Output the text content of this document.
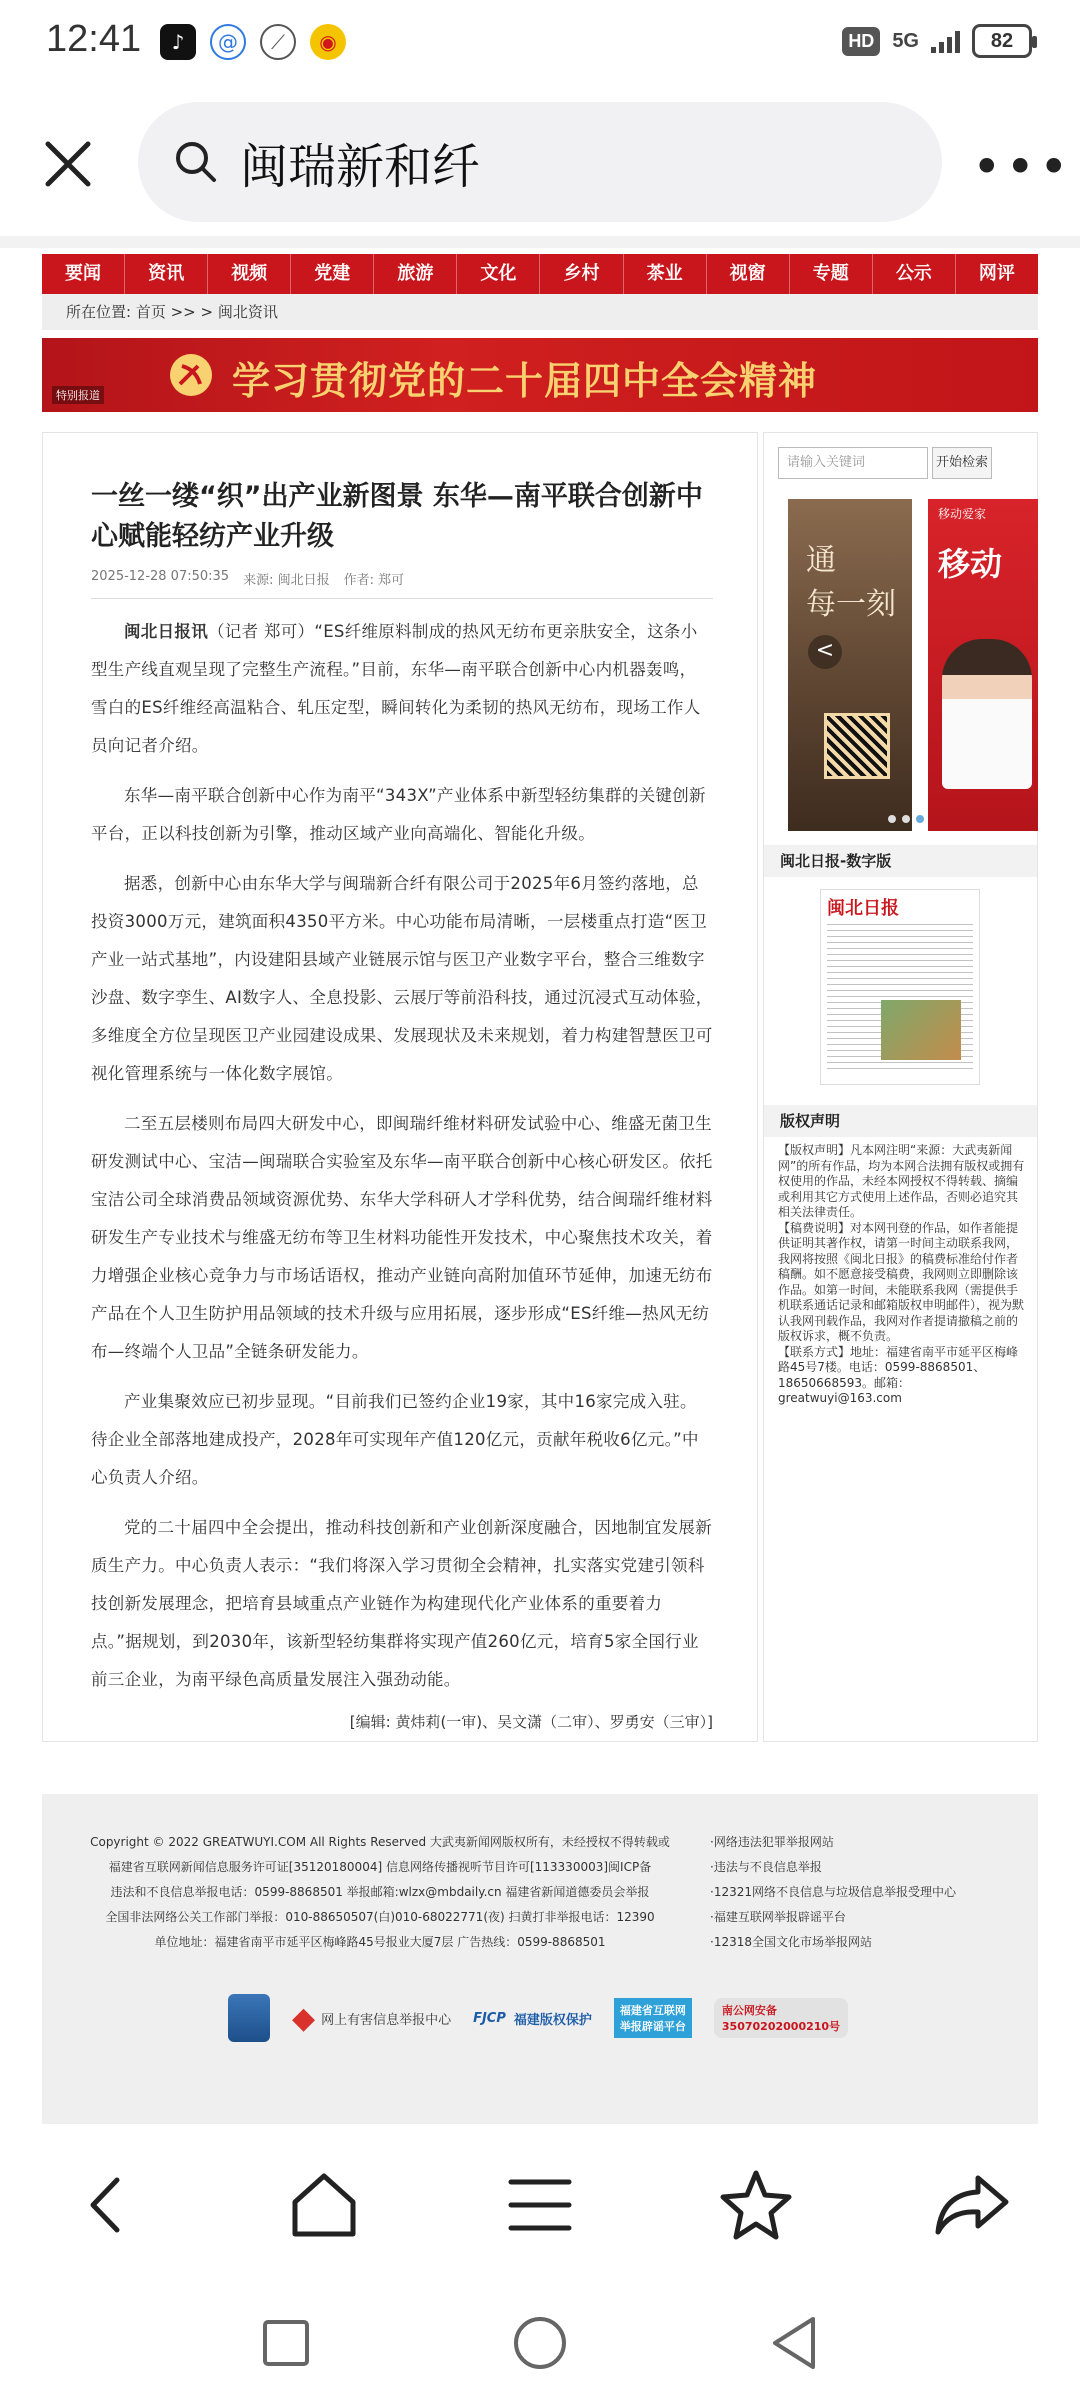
12:41	♪	@	⟋	◉	HD 5G	82
闽瑞新和纤	•••
要闻	资讯	视频	党建	旅游	文化	乡村	茶业	视窗	专题	公示	网评
所在位置: 首页 >> > 闽北资讯
学习贯彻党的二十届四中全会精神
特别报道
一丝一缕“织”出产业新图景 东华—南平联合创新中心赋能轻纺产业升级
2025-12-28 07:50:35 来源: 闽北日报 作者: 郑可

闽北日报讯（记者 郑可）“ES纤维原料制成的热风无纺布更亲肤安全，这条小型生产线直观呈现了完整生产流程。”目前，东华—南平联合创新中心内机器轰鸣，雪白的ES纤维经高温粘合、轧压定型，瞬间转化为柔韧的热风无纺布，现场工作人员向记者介绍。

东华—南平联合创新中心作为南平“343X”产业体系中新型轻纺集群的关键创新平台，正以科技创新为引擎，推动区域产业向高端化、智能化升级。

据悉，创新中心由东华大学与闽瑞新合纤有限公司于2025年6月签约落地，总投资3000万元，建筑面积4350平方米。中心功能布局清晰，一层楼重点打造“医卫产业一站式基地”，内设建阳县域产业链展示馆与医卫产业数字平台，整合三维数字沙盘、数字孪生、AI数字人、全息投影、云展厅等前沿科技，通过沉浸式互动体验，多维度全方位呈现医卫产业园建设成果、发展现状及未来规划，着力构建智慧医卫可视化管理系统与一体化数字展馆。

二至五层楼则布局四大研发中心，即闽瑞纤维材料研发试验中心、维盛无菌卫生研发测试中心、宝洁—闽瑞联合实验室及东华—南平联合创新中心核心研发区。依托宝洁公司全球消费品领域资源优势、东华大学科研人才学科优势，结合闽瑞纤维材料研发生产专业技术与维盛无纺布等卫生材料功能性开发技术，中心聚焦技术攻关，着力增强企业核心竞争力与市场话语权，推动产业链向高附加值环节延伸，加速无纺布产品在个人卫生防护用品领域的技术升级与应用拓展，逐步形成“ES纤维—热风无纺布—终端个人卫品”全链条研发能力。

产业集聚效应已初步显现。“目前我们已签约企业19家，其中16家完成入驻。待企业全部落地建成投产，2028年可实现年产值120亿元，贡献年税收6亿元。”中心负责人介绍。

党的二十届四中全会提出，推动科技创新和产业创新深度融合，因地制宜发展新质生产力。中心负责人表示：“我们将深入学习贯彻全会精神，扎实落实党建引领科技创新发展理念，把培育县域重点产业链作为构建现代化产业体系的重要着力点。”据规划，到2030年，该新型轻纺集群将实现产值260亿元，培育5家全国行业前三企业，为南平绿色高质量发展注入强劲动能。

[编辑: 黄炜莉(一审)、吴文潇（二审）、罗勇安（三审）]
请输入关键词	开始检索
通
每一刻
<
移动爱家
移动
闽北日报-数字版
闽北日报
版权声明
【版权声明】凡本网注明“来源：大武夷新闻网”的所有作品，均为本网合法拥有版权或拥有权使用的作品，未经本网授权不得转载、摘编或利用其它方式使用上述作品，否则必追究其相关法律责任。
【稿费说明】对本网刊登的作品，如作者能提供证明其著作权，请第一时间主动联系我网，我网将按照《闽北日报》的稿费标准给付作者稿酬。如不愿意接受稿费，我网则立即删除该作品。如第一时间，未能联系我网（需提供手机联系通话记录和邮箱版权申明邮件），视为默认我网刊载作品，我网对作者提请撤稿之前的版权诉求，概不负责。
【联系方式】地址：福建省南平市延平区梅峰路45号7楼。电话：0599-8868501、18650668593。邮箱：greatwuyi@163.com
Copyright © 2022 GREATWUYI.COM All Rights Reserved 大武夷新闻网版权所有，未经授权不得转载或
福建省互联网新闻信息服务许可证[35120180004] 信息网络传播视听节目许可[113330003]闽ICP备
违法和不良信息举报电话：0599-8868501 举报邮箱:wlzx@mbdaily.cn 福建省新闻道德委员会举报
全国非法网络公关工作部门举报：010-88650507(白)010-68022771(夜) 扫黄打非举报电话：12390
单位地址：福建省南平市延平区梅峰路45号报业大厦7层 广告热线：0599-8868501
·网络违法犯罪举报网站
·违法与不良信息举报
·12321网络不良信息与垃圾信息举报受理中心
·福建互联网举报辟谣平台
·12318全国文化市场举报网站
◆ 网上有害信息举报中心 FJCP 福建版权保护
福建省互联网
举报辟谣平台
南公网安备
35070202000210号
